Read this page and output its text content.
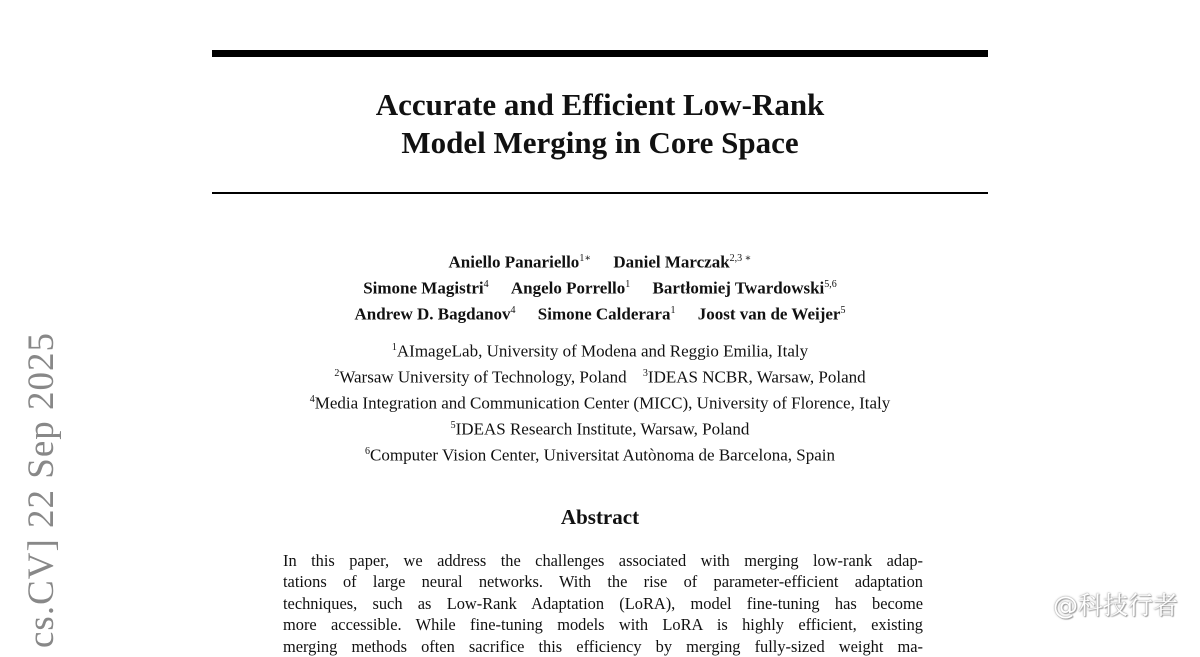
Accurate and Efficient Low-Rank
Model Merging in Core Space
Aniello Panariello$^{1∗}$ Daniel Marczak$^{2,3 ∗}$
Simone Magistri$^4$ Angelo Porrello$^1$ Bartłomiej Twardowski$^{5,6}$
Andrew D. Bagdanov$^4$ Simone Calderara$^1$ Joost van de Weijer$^5$
$^1$AImageLab, University of Modena and Reggio Emilia, Italy
$^2$Warsaw University of Technology, Poland $^3$IDEAS NCBR, Warsaw, Poland
$^4$Media Integration and Communication Center (MICC), University of Florence, Italy
$^5$IDEAS Research Institute, Warsaw, Poland
$^6$Computer Vision Center, Universitat Autònoma de Barcelona, Spain
Abstract
In this paper, we address the challenges associated with merging low-rank adap-
tations of large neural networks. With the rise of parameter-efficient adaptation
techniques, such as Low-Rank Adaptation (LoRA), model fine-tuning has become
more accessible. While fine-tuning models with LoRA is highly efficient, existing
merging methods often sacrifice this efficiency by merging fully-sized weight ma-
cs.CV] 22 Sep 2025	@科技行者
